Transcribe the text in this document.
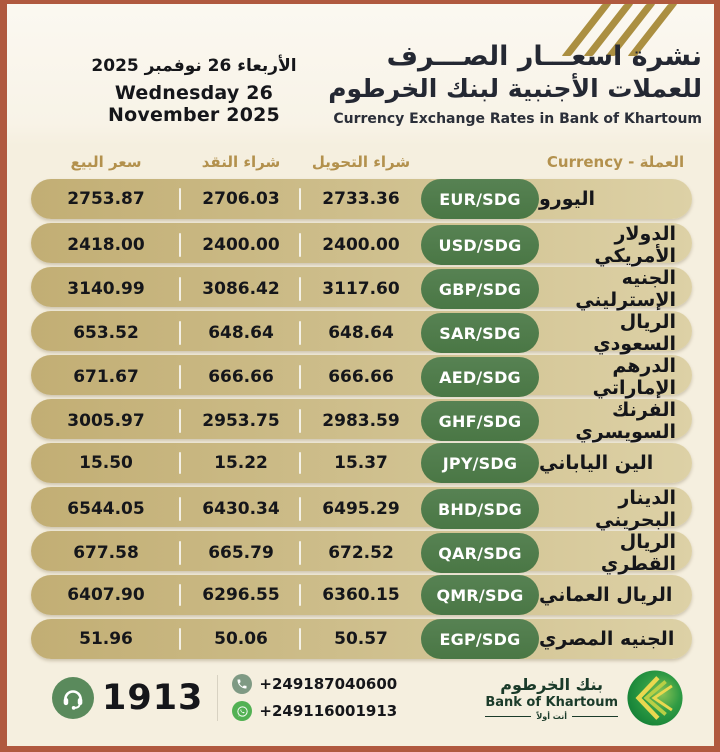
الأربعاء 26 نوفمبر 2025
Wednesday 26 November 2025
نشرة اسعـــار الصـــرف
للعملات الأجنبية لبنك الخرطوم
Currency Exchange Rates in Bank of Khartoum
سعر البيع	شراء النقد	شراء التحويل	العملة - Currency
2753.87	2706.03	2733.36	EUR/SDG اليورو
2418.00	2400.00	2400.00	USD/SDG	الدولار الأمريكي
3140.99	3086.42	3117.60	GBP/SDG	الجنيه الإسترليني
653.52	648.64	648.64	SAR/SDG	الريال السعودي
671.67	666.66	666.66	AED/SDG	الدرهم الإماراتي
3005.97	2953.75	2983.59	GHF/SDG	الفرنك السويسري
15.50	15.22	15.37	JPY/SDG	الين الياباني
6544.05	6430.34	6495.29	BHD/SDG	الدينار البحريني
677.58	665.79	672.52	QAR/SDG	الريال القطري
6407.90	6296.55	6360.15	QMR/SDG الريال العماني
51.96	50.06	50.57	EGP/SDG الجنيه المصري
1913	+249187040600
+249116001913
بنك الخرطوم
Bank of Khartoum
أنت أولاً
